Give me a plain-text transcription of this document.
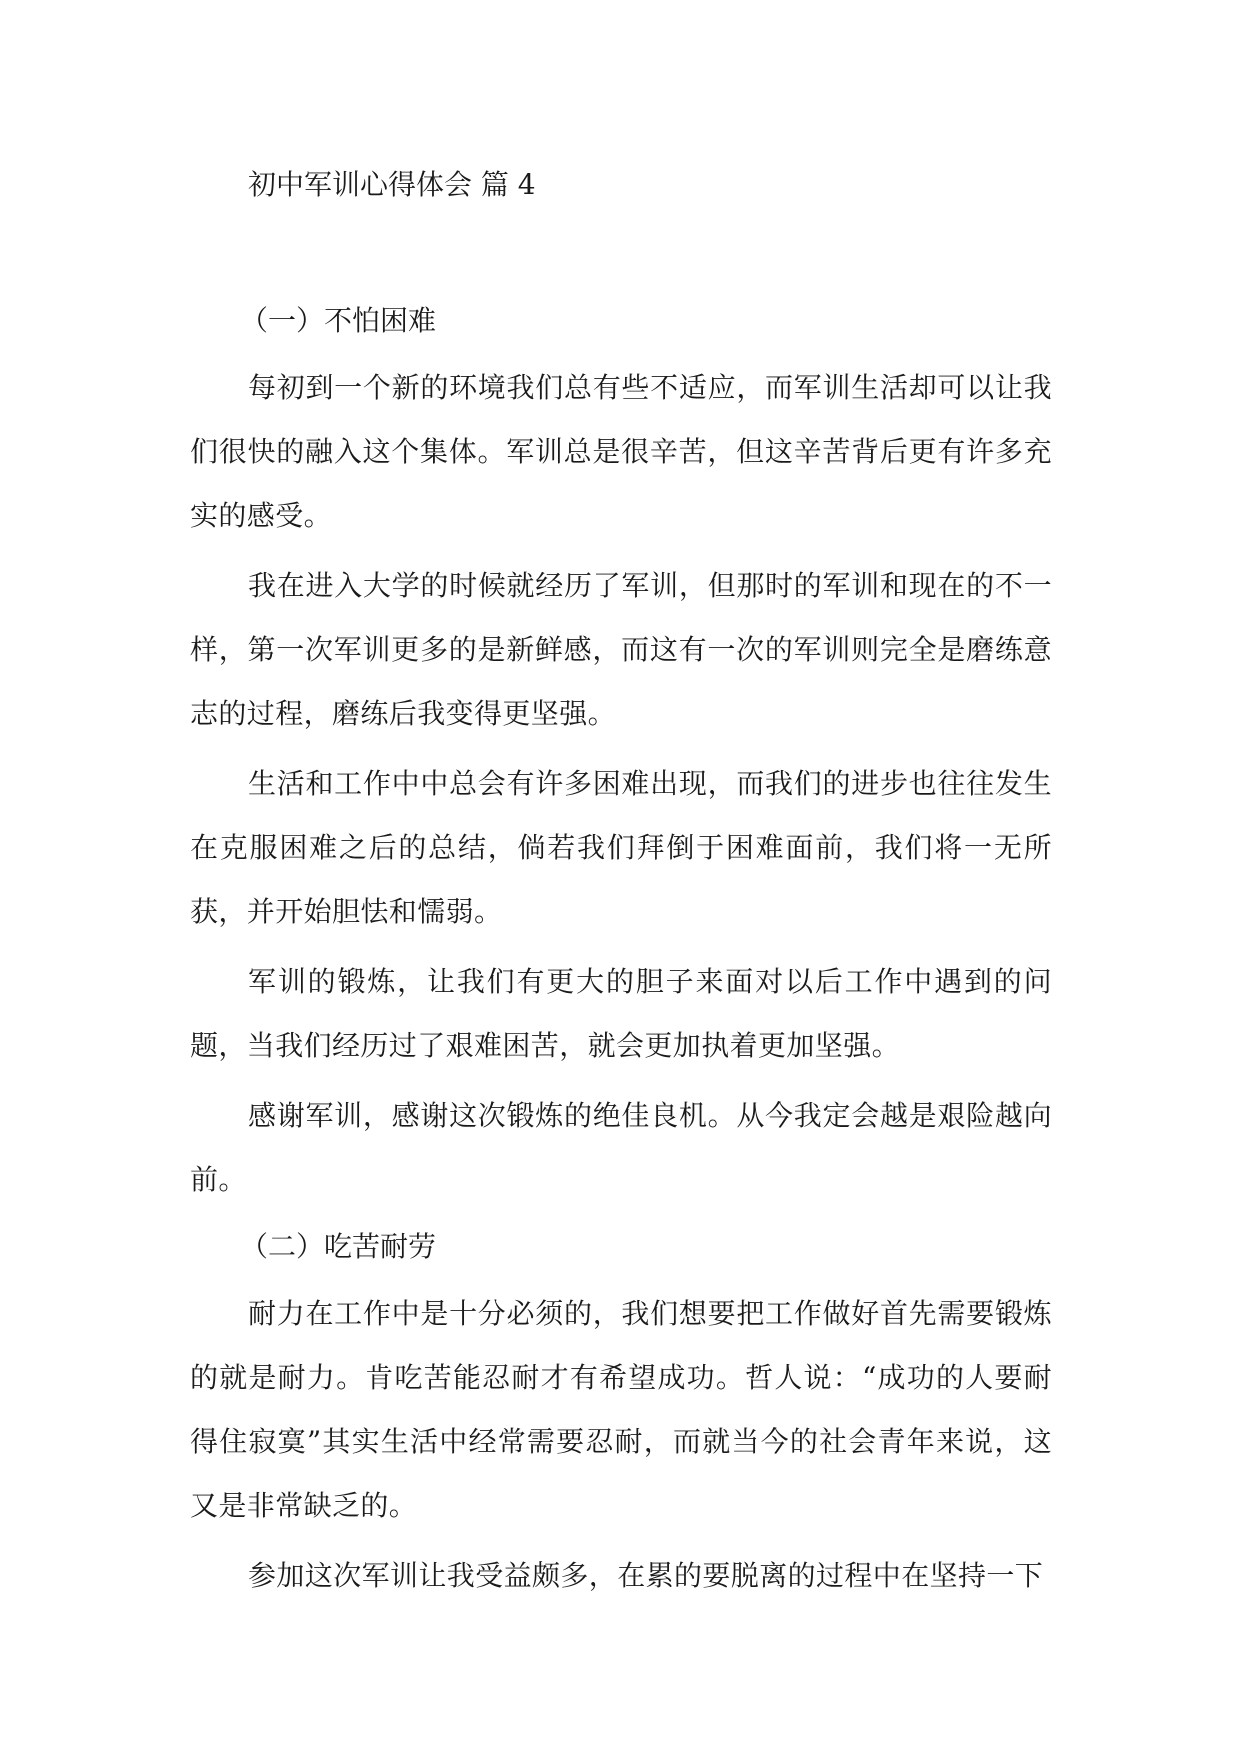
初中军训心得体会 篇 4
（一）不怕困难

每初到一个新的环境我们总有些不适应，而军训生活却可以让我们很快的融入这个集体。军训总是很辛苦，但这辛苦背后更有许多充实的感受。

我在进入大学的时候就经历了军训，但那时的军训和现在的不一样，第一次军训更多的是新鲜感，而这有一次的军训则完全是磨练意志的过程，磨练后我变得更坚强。

生活和工作中中总会有许多困难出现，而我们的进步也往往发生在克服困难之后的总结，倘若我们拜倒于困难面前，我们将一无所获，并开始胆怯和懦弱。

军训的锻炼，让我们有更大的胆子来面对以后工作中遇到的问题，当我们经历过了艰难困苦，就会更加执着更加坚强。

感谢军训，感谢这次锻炼的绝佳良机。从今我定会越是艰险越向前。

（二）吃苦耐劳

耐力在工作中是十分必须的，我们想要把工作做好首先需要锻炼的就是耐力。肯吃苦能忍耐才有希望成功。哲人说：“成功的人要耐得住寂寞”其实生活中经常需要忍耐，而就当今的社会青年来说，这又是非常缺乏的。

参加这次军训让我受益颇多，在累的要脱离的过程中在坚持一下
